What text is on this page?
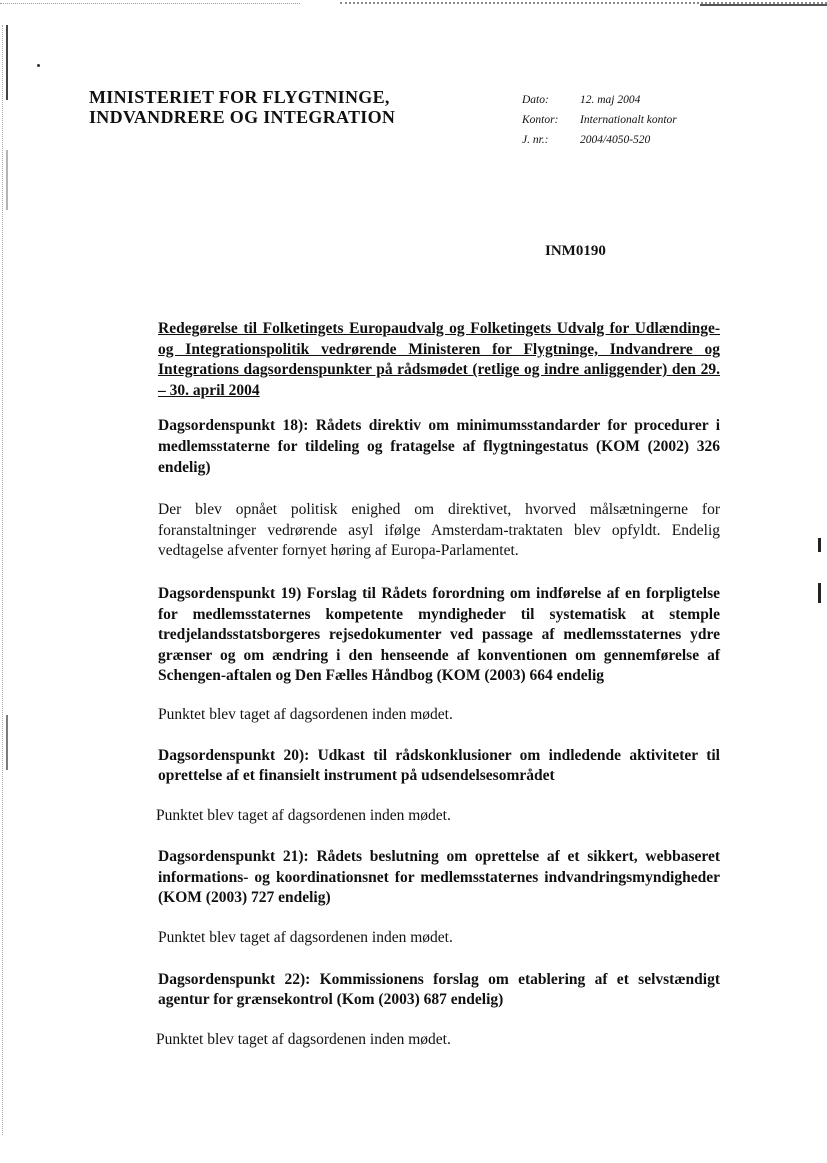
MINISTERIET FOR FLYGTNINGE,
INDVANDRERE OG INTEGRATION
Dato:	12. maj 2004
Kontor:	Internationalt kontor
J. nr.:	2004/4050-520
INM0190

Redegørelse til Folketingets Europaudvalg og Folketingets Udvalg for Udlændinge- og Integrationspolitik vedrørende Ministeren for Flygtninge, Indvandrere og Integrations dagsordenspunkter på rådsmødet (retlige og indre anliggender) den 29. – 30. april 2004

Dagsordenspunkt 18): Rådets direktiv om minimumsstandarder for procedurer i medlemsstaterne for tildeling og fratagelse af flygtningestatus (KOM (2002) 326 endelig)

Der blev opnået politisk enighed om direktivet, hvorved målsætningerne for foranstaltninger vedrørende asyl ifølge Amsterdam-traktaten blev opfyldt. Endelig vedtagelse afventer fornyet høring af Europa-Parlamentet.

Dagsordenspunkt 19) Forslag til Rådets forordning om indførelse af en forpligtelse for medlemsstaternes kompetente myndigheder til systematisk at stemple tredjelandsstatsborgeres rejsedokumenter ved passage af medlemsstaternes ydre grænser og om ændring i den henseende af konventionen om gennemførelse af Schengen-aftalen og Den Fælles Håndbog (KOM (2003) 664 endelig

Punktet blev taget af dagsordenen inden mødet.

Dagsordenspunkt 20): Udkast til rådskonklusioner om indledende aktiviteter til oprettelse af et finansielt instrument på udsendelsesområdet

Punktet blev taget af dagsordenen inden mødet.

Dagsordenspunkt 21): Rådets beslutning om oprettelse af et sikkert, webbaseret informations- og koordinationsnet for medlemsstaternes indvandringsmyndigheder (KOM (2003) 727 endelig)

Punktet blev taget af dagsordenen inden mødet.

Dagsordenspunkt 22): Kommissionens forslag om etablering af et selvstændigt agentur for grænsekontrol (Kom (2003) 687 endelig)

Punktet blev taget af dagsordenen inden mødet.
